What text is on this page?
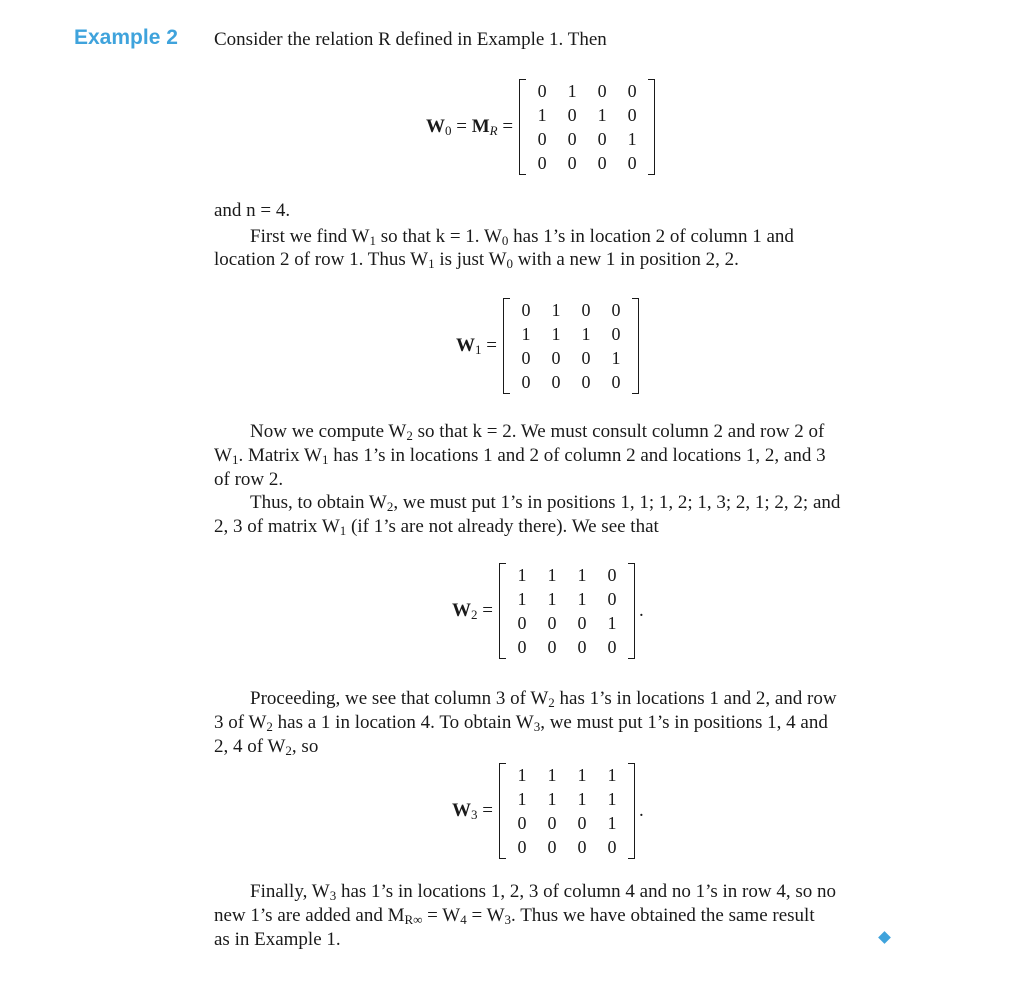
Example 2 Consider the relation R defined in Example 1. Then
$W_0 = M_R$ =
0	1	0	0
1	0	1	0
0	0	0	1
0	0	0	0
and n = 4.
First we find $W_1$ so that k = 1. $W_0$ has 1’s in location 2 of column 1 and
location 2 of row 1. Thus $W_1$ is just $W_0$ with a new 1 in position 2, 2.
$W_1$ =
0	1	0	0
1	1	1	0
0	0	0	1
0	0	0	0
Now we compute $W_2$ so that k = 2. We must consult column 2 and row 2 of
$W_1$. Matrix $W_1$ has 1’s in locations 1 and 2 of column 2 and locations 1, 2, and 3
of row 2.
Thus, to obtain $W_2$, we must put 1’s in positions 1, 1; 1, 2; 1, 3; 2, 1; 2, 2; and
2, 3 of matrix $W_1$ (if 1’s are not already there). We see that
$W_2$ =
1	1	1	0
1	1	1	0
0	0	0	1
0	0	0	0
.
Proceeding, we see that column 3 of $W_2$ has 1’s in locations 1 and 2, and row
3 of $W_2$ has a 1 in location 4. To obtain $W_3$, we must put 1’s in positions 1, 4 and
2, 4 of $W_2$, so
$W_3$ =
1	1	1	1
1	1	1	1
0	0	0	1
0	0	0	0
.
Finally, $W_3$ has 1’s in locations 1, 2, 3 of column 4 and no 1’s in row 4, so no
new 1’s are added and $M_{R\infty} = W_4 = W_3$. Thus we have obtained the same result
as in Example 1.
